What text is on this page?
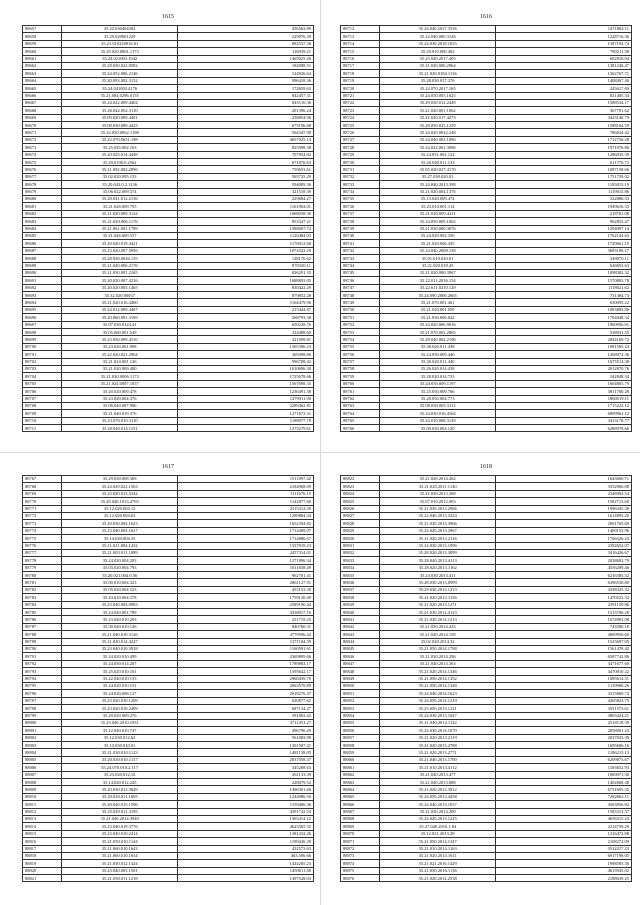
1615
88657	35.22.030404302	456562.89
88658	35.29.020001229	229076.39
88659	35.21.010220016.01	882537.36
88660	35.29.020.0001.1173	116939.21
88661	35.24.021003.1042	1465025.26
88662	35.28.030.022.0582	182098.51
88663	35.24.052.086.2146	124926.64
88664	35.20.093.002.3152	996418.36
88665	35.24.041003.4176	172659.63
88666	35.21.084.0296.0155	842457.31
88667	35.24.022.009.4402	845116.36
88668	35.26.042.002.3110	201396.24
88669	35.09.020.009.4401	238854.96
88670	35.08.030.089.4423	675196.68
88671	35.22.050.0062.1198	564347.98
88672	35.22.070.0651.198	4657025.14
88673	35.25.045.002.163	825998.38
88674	35.20.025.014.4449	707854.82
88675	35.20.0196.0.2562	671876.63
88676	35.21.092.002.2896	759653.61
88677	35.02.020.095.153	565725.29
88678	35.20.043.0.2.1136	594009.36
88679	35.06.022.009.374	321518.39
88680	35.28.041.012.2136	229684.27
88681	35.21.026.009.795	1161904.01
88682	35.21.020.009.3124	1068038.30
88683	35.21.020.006.1176	853347.21
88684	35.21.061.001.1789	1588607.72
88685	35.21.046.069.537	1120484.03
88686	35.20.020.019.4421	1176912.68
88687	35.23.020.007.5956	1074322.29
88688	35.28.930.0026.135	128176.62
88689	35.21.040.006.2176	870320.11
88690	35.21.030.001.2165	826291.35
88691	35.20.020.007.4216	1688893.05
88692	35.20.020.005.1465	830422.29
88693	35.32.020.00037	879852.28
88694	35.21.020.016.4400	1164479.96
88695	35.24.012.009.4467	215444.87
88696	35.20.060.001.3169	268793.38
88697	35.07.030.0124.41	650228.76
88698	35.05.060.001.549	324488.60
88699	35.23.050.009.4510	321098.81
88700	35.23.020.001.908	1565396.23
88701	35.22.020.021.2964	369498.86
88702	35.21.024.001.126	996708.42
88703	35.21.020.009.400	1010696.30
88704	35.21.030.0006.1173	1725678.66
88705	35.21.024.0007.1057	1567698.35
88706	35.20.020.009.478	1236491.38
88707	35.23.020.004.376	1279911.90
88708	35.06.040.087.996	2289462.81
88709	35.21.040.019.376	1271673.31
88710	35.23.070.010.3110	1188077.78
88711	35.20.040.014.1151	1275279.61
1616
88712	35.24.040.2017.3536	1471804.11
88713	35.22.040.000.3126	1228716.36
88714	35.24.030.2018.1025	1387192.74
88715	35.29.010.000.402	780211.38
88716	35.25.020.2017.403	602810.94
88717	35.21.020.006.2964	1381246.47
88718	35.21.020.0104.1136	1362767.71
88719	35.28.030.017.376	1408467.40
88720	35.24.070.2017.165	245617.69
88721	35.24.050.003.1025	821405.34
88722	35.29.030.012.2449	1588534.17
88723	35.21.020.001.1062	367791.62
88724	35.21.020.017.4273	3423140.79
88725	35.28.050.025.1239	1588164.59
88726	35.24.020.0022.248	786034.42
88727	35.24.040.002.1096	1712756.28
88728	35.24.022.001.3096	1971976.86
88729	35.24.051.002.122	1286035.39
88730	35.20.040.011.133	611770.73
88731	35.05.020.027.4170	1087158.66
88732	35.27.030.020.01	1751739.02
88733	35.24.040.2013.398	1183015.19
88734	35.21.020.004.1376	1119015.86
88735	35.13.020.009.474	322886.33
88736	35.23.010.001.114	1949616.33
88737	35.21.020.009.4211	218701.08
88738	35.24.050.009.1062	962853.47
88739	35.21.030.000.3076	1294097.14
88740	35.24.020.002.350	1762144.63
88741	35.21.020.006.435	1729661.15
88742	35.24.040.2008.138	3683180.17
88743	35.01.010.020.01	349070.11
88744	35.21.020.018.45	626053.63
88745	35.21.020.000.3967	1098382.32
88746	35.22.011.2016.154	1570803.78
88747	35.22.611.0210.129	1118621.62
88748	35.24.090.2006.2665	731484.74
88749	35.21.070.001.461	630095.22
88750	35.21.020.001.059	1083883.86
88751	35.21.030.006.042	1704048.34
88752	35.24.020.006.9016	1960956.01
88753	35.21.070.002.2865	538931.35
88754	35.28.040.002.2196	2844169.72
88755	35.30.020.011.438	1981565.24
88756	35.24.050.009.446	1268972.36
88757	35.26.020.011.440	1675514.38
88758	35.26.020.014.438	2012870.76
88759	35.28.020.014.733	342848.34
88760	35.24.050.009.1197	1604803.79
88761	35.25.050.009.766	3811700.28
88762	35.28.050.004.773	1860519.11
88763	35.08.030.005.3112	1715223.12
88764	35.24.030.016.4164	6909962.12
88765	35.24.010.008.3129	3413178.77
88766	35.09.030.004.120	6288978.66
1617
88767	35.29.030.008.369	1511897.42
88768	35.24.029.022.1563	2184968.09
88769	35.23.020.015.3342	1111676.15
88770	35.29.040.1013.4765	1142877.60
88771	35.12.020.004.12	2315312.39
88772	35.12.020.004.63	1289884.34
88773	35.20.030.004.1623	1652394.83
88774	35.23.040.004.1627	1714409.07
88775	35.14.020.004.35	1714886.67
88776	35.21.021.004.1432	1537019.23
88777	35.21.003.011.1089	2457314.01
88778	35.24.020.004.203	1271896.34
88779	35.03.020.004.793	1011658.49
88780	35.20.021.004.0.56	962701.41
88781	35.00.010.004.323	2861127.91
88782	35.05.020.004.523	453153.39
88783	35.43.010.004.378	1759130.49
88784	35.23.040.004.0983	2589190.44
88785	35.24.040.001.789	4358917.16
88786	35.23.040.010.203	251719.25
88787	35.30.040.010.126	840760.31
88788	35.21.040.010.3126	4779596.42
88789	35.21.020.014.4247	1371104.39
88790	35.23.040.010.3918	1160591.61
88791	35.24.020.010.499	2369809.66
88792	35.24.050.014.207	1789883.17
88793	35.25.020.010.161	1595642.17
88794	35.22.040.010.153	2960439.79
88795	35.24.020.010.151	2063570.89
88796	35.24.020.008.127	2018276.47
88797	35.23.020.010.1209	620877.62
88798	35.23.020.010.2409	687134.27
88799	35.20.020.009.276	391863.43
88800	35.23.040.2010.1031	3711451.27
88801	35.12.040.010.747	496796.29
88802	35.12.030.012.62	561083.98
88803	35.13.030.010.01	1301507.21
88804	35.21.030.010.1123	1481138.05
88805	35.20.030.010.1157	2037058.37
88806	35.24.070.010.2.117	345208.63
88807	35.23.020.012.16	261133.39
88808	35.14.020.012.245	228079.52
88809	35.20.030.012.3049	1496301.66
88810	35.29.020.011.1605	1244986.50
88811	35.20.040.015.1596	1159406.36
88812	35.25.020.011.3195	4391742.54
88813	35.21.040.2014.3940	1365414.12
88814	35.23.040.019.3776	4625565.35
88815	35.23.040.010.2414	1381232.26
88816	35.21.050.010.1144	1199426.39
88817	35.21.060.010.1643	452573.63
88818	35.21.060.010.1634	463.506.66
88819	35.21.030.012.1424	1424205.23
88820	35.23.040.005.1561	1450611.68
88821	35.21.050.011.1218	1497528.03
1618
88822	35.21.020.2014.262	1643660.71
88823	35.21.020.2011.1140	3552966.88
88824	35.21.030.2013.308	2346994.54
88825	35.07.010.2012.003	1582713.60
88826	35.21.030.2013.2966	1996345.38
88827	35.22.040.2013.3224	1614895.20
88828	35.21.030.2013.3966	2091765.69
88829	35.24.020.2013.3967	1469155.96
88830	35.21.020.2013.2116	1766326.23
88831	35.24.030.2013.1096	2392652.07
88832	35.28.020.2013.3099	3416426.67
88833	35.28.040.2013.4113	2038692.79
88834	35.28.020.2013.1162	4556289.46
88835	35.23.030.2013.411	6216385.32
88836	35.28.030.2013.0999	6396530.80
88837	35.29.030.2013.1213	4338325.32
88838	35.21.020.2013.1156	1470523.33
88839	35.21.020.2013.1271	2391159.86
88840	35.21.030.2014.4123	1513706.28
88841	35.21.030.2014.1213	1074903.08
88842	35.21.050.2014.433	743580.18
88843	35.21.020.2014.158	4069956.60
88844	35.02.020.2014.32	1525697.05
88845	35.21.050.2014.1788	1561478.42
88846	35.21.030.2014.296	6587742.86
88847	35.21.040.2013.363	3471677.60
88848	35.21.020.2014.1346	4470010.22
88849	35.21.050.2014.1352	1085614.51
88850	35.21.050.2014.1348	1139960.26
88851	35.24.040.2014.1623	3315869.74
88852	35.24.050.2014.1219	4265823.75
88853	35.23.050.2013.1221	3551573.61
88854	35.24.030.2013.1047	4065424.21
88855	35.21.040.2014.1142	2518118.39
88856	35.24.030.2014.1070	2058001.23
88857	35.21.020.2013.2119	2037033.38
88858	35.21.020.2013.2788	1695606.16
88859	35.21.020.2013.2771	1186215.13
88860	35.21.040.2013.1700	6209873.67
88861	35.21.010.2013.4112	1183652.93
88862	35.21.040.2013.477	1069071.30
88863	35.21.040.2013.888	1402668.48
88864	35.21.020.2013.3912	6751695.35
88865	35.24.050.2013.4458	7282662.11
88866	35.24.040.2013.1037	4563856.82
88867	35.21.030.2014.200	1583313.37
88868	35.24.020.2013.1225	4656315.23
88869	35.27.040.2016.1.84	2214739.29
88870	35.12.021.2013.28	1316472.88
88871	35.21.050.2014.1347	2108272.09
88872	35.21.010.2014.1163	3512217.23
88873	35.21.020.2014.1611	6917198.05
88874	35.21.021.2016.1429	1998585.36
88875	35.21.050.2016.1136	4615945.02
88876	35.21.020.2014.2538	2188639.25
